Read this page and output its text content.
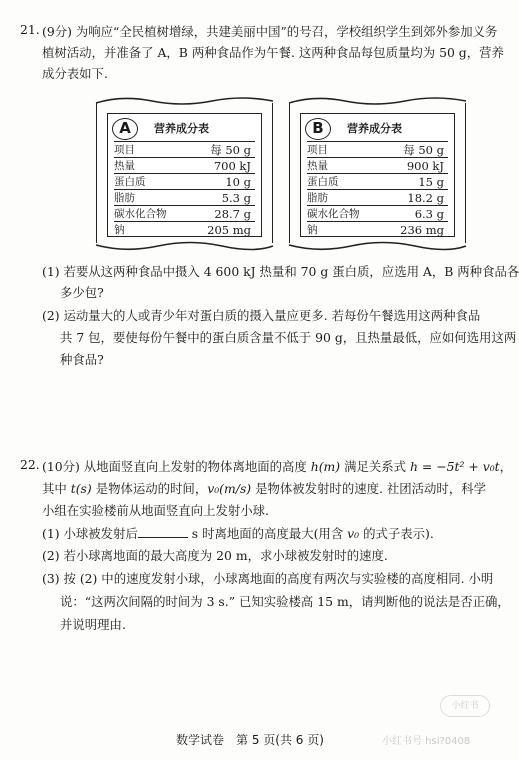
21. (9分) 为响应“全民植树增绿，共建美丽中国”的号召，学校组织学生到郊外参加义务
植树活动，并准备了 A，B 两种食品作为午餐. 这两种食品每包质量均为 50 g，营养
成分表如下.
A	营养成分表
项目	每 50 g
热量	700 kJ
蛋白质	10 g
脂肪	5.3 g
碳水化合物	28.7 g
钠	205 mg
B	营养成分表
项目	每 50 g
热量	900 kJ
蛋白质	15 g
脂肪	18.2 g
碳水化合物	6.3 g
钠	236 mg
(1) 若要从这两种食品中摄入 4 600 kJ 热量和 70 g 蛋白质，应选用 A，B 两种食品各
多少包?
(2) 运动量大的人或青少年对蛋白质的摄入量应更多. 若每份午餐选用这两种食品
共 7 包，要使每份午餐中的蛋白质含量不低于 90 g，且热量最低，应如何选用这两
种食品?
22. (10分) 从地面竖直向上发射的物体离地面的高度 h(m) 满足关系式 h = −5t² + v₀t，
其中 t(s) 是物体运动的时间，v₀(m/s) 是物体被发射时的速度. 社团活动时，科学
小组在实验楼前从地面竖直向上发射小球.
(1) 小球被发射后	s 时离地面的高度最大(用含 v₀ 的式子表示).
(2) 若小球离地面的最大高度为 20 m，求小球被发射时的速度.
(3) 按 (2) 中的速度发射小球，小球离地面的高度有两次与实验楼的高度相同. 小明
说：“这两次间隔的时间为 3 s.” 已知实验楼高 15 m，请判断他的说法是否正确，
并说明理由.
小红书
数学试卷　第 5 页(共 6 页)	小红书号 hsl?0408
